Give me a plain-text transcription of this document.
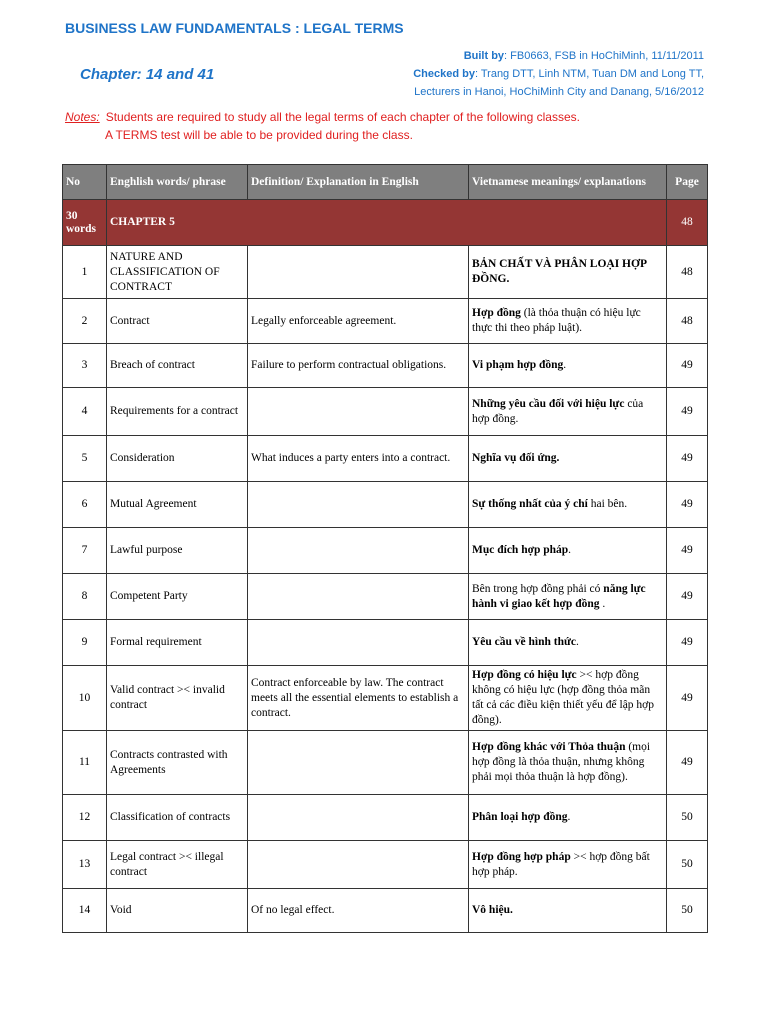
BUSINESS LAW FUNDAMENTALS : LEGAL TERMS
Chapter: 14 and 41
Built by: FB0663, FSB in HoChiMinh, 11/11/2011
Checked by: Trang DTT, Linh NTM, Tuan DM and Long TT,
Lecturers in Hanoi, HoChiMinh City and Danang, 5/16/2012
Notes: Students are required to study all the legal terms of each chapter of the following classes.
A TERMS test will be able to be provided during the class.
No	Enghlish words/ phrase	Definition/ Explanation in English	Vietnamese meanings/ explanations	Page
30 words	CHAPTER 5			48
1	NATURE AND CLASSIFICATION OF CONTRACT		BẢN CHẤT VÀ PHÂN LOẠI HỢP ĐỒNG.	48
2	Contract	Legally enforceable agreement.	Hợp đồng (là thỏa thuận có hiệu lực thực thi theo pháp luật).	48
3	Breach of contract	Failure to perform contractual obligations.	Vi phạm hợp đồng.	49
4	Requirements for a contract		Những yêu cầu đối với hiệu lực của hợp đồng.	49
5	Consideration	What induces a party enters into a contract.	Nghĩa vụ đối ứng.	49
6	Mutual Agreement		Sự thống nhất của ý chí hai bên.	49
7	Lawful purpose		Mục đích hợp pháp.	49
8	Competent Party		Bên trong hợp đồng phải có năng lực hành vi giao kết hợp đồng .	49
9	Formal requirement		Yêu cầu về hình thức.	49
10	Valid contract >< invalid contract	Contract enforceable by law. The contract meets all the essential elements to establish a contract.	Hợp đồng có hiệu lực >< hợp đồng không có hiệu lực (hợp đồng thỏa mãn tất cả các điều kiện thiết yếu để lập hợp đồng).	49
11	Contracts contrasted with Agreements		Hợp đồng khác với Thỏa thuận (mọi hợp đồng là thỏa thuận, nhưng không phải mọi thỏa thuận là hợp đồng).	49
12	Classification of contracts		Phân loại hợp đồng.	50
13	Legal contract >< illegal contract		Hợp đồng hợp pháp >< hợp đồng bất hợp pháp.	50
14	Void	Of no legal effect.	Vô hiệu.	50
